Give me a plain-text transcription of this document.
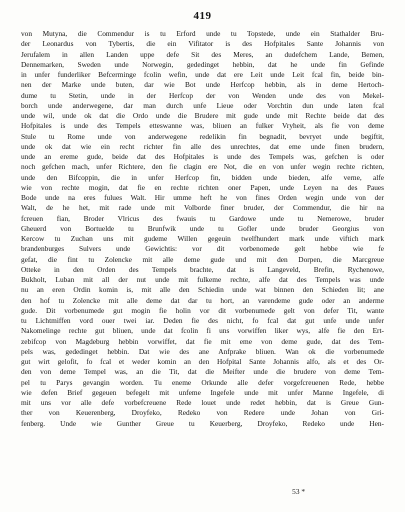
419
von Mutyna, die Commendur is tu Erford unde tu Topstede, unde ein Stathalder Bru-
der Leonardus von Tybertis, die ein Vifitator is des Hofpitales Sante Johannis von
Jerufalem in allen Landen uppe defe Sit des Meres, an dudefchem Lande, Bemen,
Dennemarken, Sweden unde Norwegin, gededinget hebbin, dat he unde fin Gefinde
in unfer funderliker Befcerminge fcolin wefin, unde dat ere Leit unde Leit fcal fin, beide bin-
nen der Marke unde buten, dar wie Bot unde Herfcop hebbin, als in deme Hertoch-
dume tu Stetin, unde in der Herfcop der von Wenden unde des von Mekel-
borch unde anderwegene, dar man durch unfe Lieue oder Vorchtin dun unde laten fcal
unde wil, unde ok dat die Ordo unde die Brudere mit gude unde mit Rechte beide dat des
Hofpitales is unde des Tempels etteswanne was, bliuen an fulker Vryheit, als fie von deme
Stule tu Rome unde von anderwegene redelikin fin begnadit, bevryet unde begiftit,
unde ok dat wie ein recht richter fin alle des unrechtes, dat eme unde finen brudern,
unde an ereme gude, beide dat des Hofpitales is unde des Tempels was, gefchen is oder
noch gefchen mach, unfer Richtere, den fie clagin ere Not, die en von unfer wegin rechte richten,
unde den Bifcoppin, die in unfer Herfcop fin, bidden unde bieden, alfe verne, alfe
wie von rechte mogin, dat fie en rechte richten oner Papen, unde Leyen na des Paues
Bode unde na eres fulues Walt. Hir umme heft he von fines Orden wegin unde von der
Walt, de he het, mit rade unde mit Volborde finer bruder, der Commendur, die hir na
fcreuen fian, Broder Vlricus des fwauis tu Gardowe unde tu Nemerowe, bruder
Gheuerd von Bortuelde tu Brunfwik unde tu Gofler unde bruder Georgius von
Kercow tu Zuchan uns mit gudeme Willen gegeuin twelfhundert mark unde viftich mark
brandenburges Sulvers unde Gewichtis: vor dit vorbenomede gelt hebbe wie fe
gefat, die fint tu Zolencke mit alle deme gude und mit den Dorpen, die Marcgreue
Otteke in den Orden des Tempels brachte, dat is Langeveld, Brefin, Rychenowe,
Bukholt, Luban mit all der nut unde mit fulkeme rechte, alfe dat des Tempels was unde
nu an eren Ordin komin is, mit alle den Schiedin unde wat binnen den Schieden lit; ane
den hof tu Zolencke mit alle deme dat dar tu hort, an varendeme gude oder an anderme
gude. Dit vorbenumede gut mogin fie holin vor dit vorbenumede gelt von defer Tit, wante
tu Lichtmiffen vord ouer twei iar. Deden fie des nicht, fo fcal dat gut unfe unde unfer
Nakomelinge rechte gut bliuen, unde dat fcolin fi uns vorwiffen liker wys, alfe fie den Ert-
zebifcop von Magdeburg hebbin vorwiffet, dat fie mit eme von deme gude, dat des Tem-
pels was, gededinget hebbin. Dat wie des ane Anfprake bliuen. Wan ok die vorbenumede
gut wirt gelofit, fo fcal et weder komin an den Hofpital Sante Johannis alfo, als et des Or-
den von deme Tempel was, an die Tit, dat die Meifter unde die brudere von deme Tem-
pel tu Parys gevangin worden. Tu eneme Orkunde alle defer vorgefcreuenen Rede, hebbe
wie defen Brief gegeuen befegelt mit unfeme Ingefele unde mit unfer Manne Ingefele, di
mit uns vor alle defe vorbefcreuene Rede louet unde redet hebbin, dat is Greue Gun-
ther von Keuerenberg, Droyfeko, Redeko von Redere unde Johan von Gri-
fenberg. Unde wie Gunther Greue tu Keuerberg, Droyfeko, Redeko unde Hen-
53 *
